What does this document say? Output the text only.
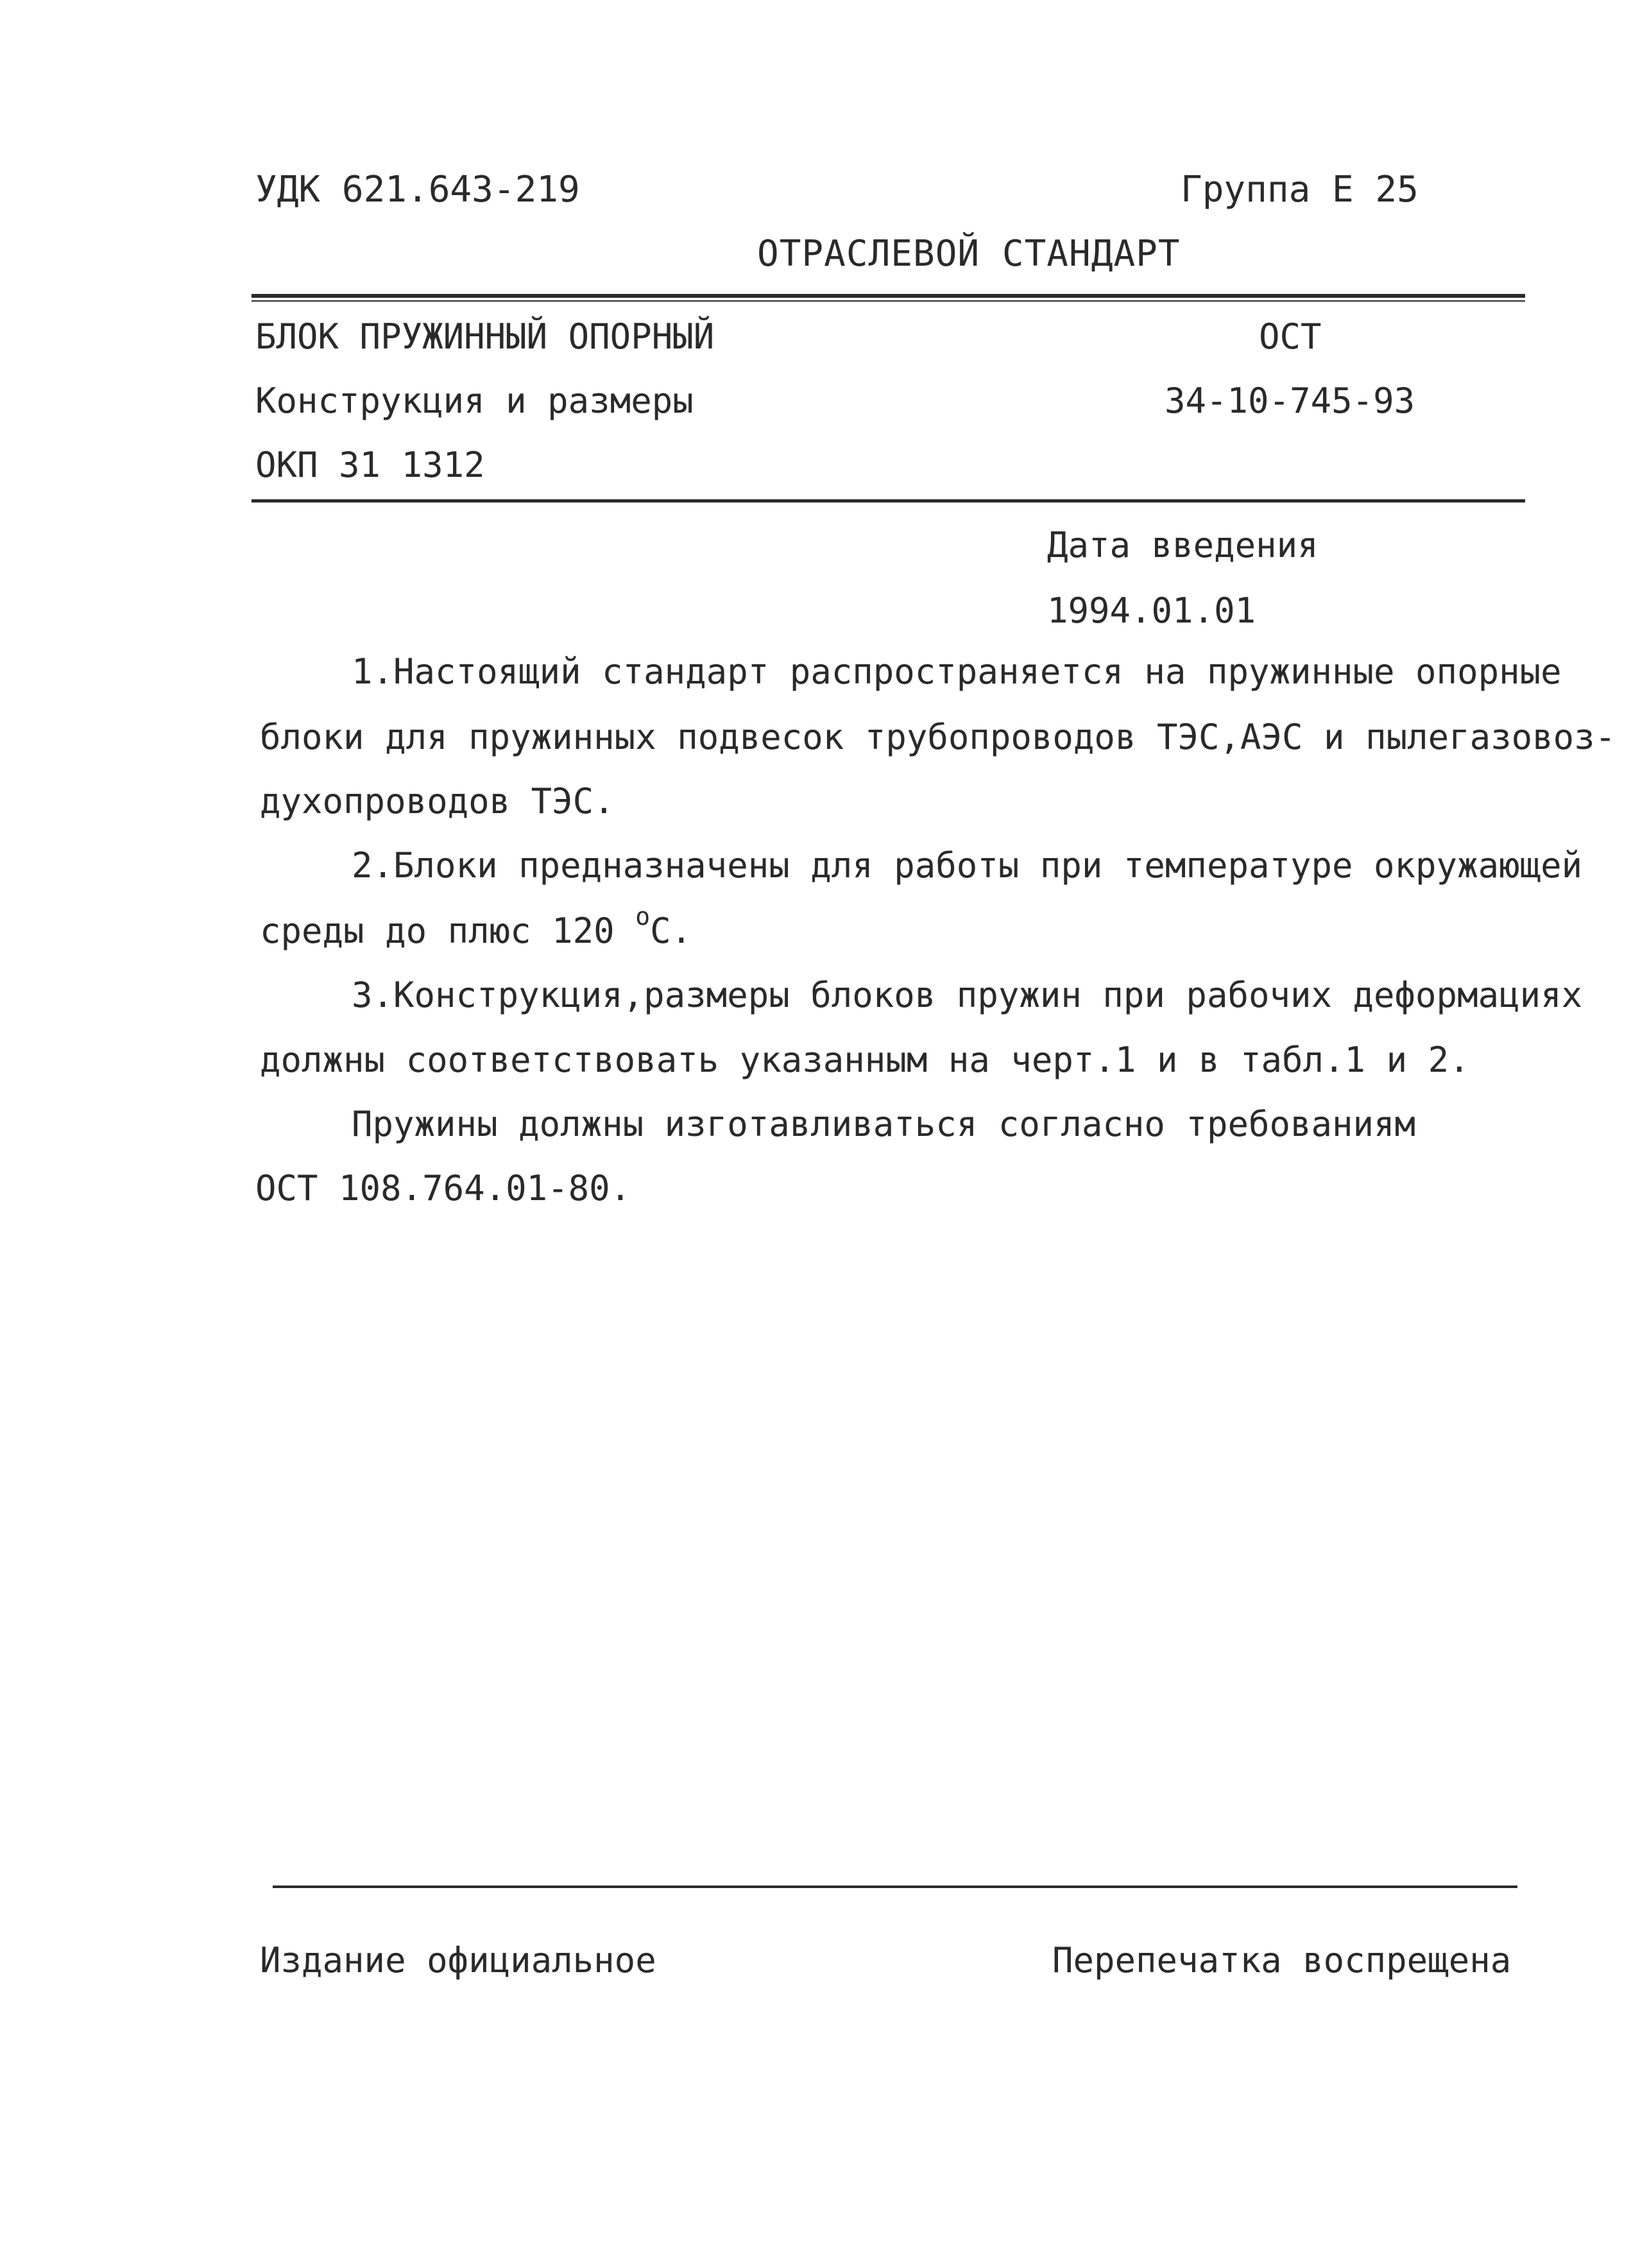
УДК 621.643-219	Группа Е 25
ОТРАСЛЕВОЙ СТАНДАРТ
БЛОК ПРУЖИННЫЙ ОПОРНЫЙ	ОСТ
Конструкция и размеры	34-10-745-93
ОКП 31 1312
Дата введения
1994.01.01
1.Настоящий стандарт распространяется на пружинные опорные
блоки для пружинных подвесок трубопроводов ТЭС,АЭС и пылегазовоз-
духопроводов ТЭС.
2.Блоки предназначены для работы при температуре окружающей
среды до плюс 120 $^o$С.
3.Конструкция,размеры блоков пружин при рабочих деформациях
должны соответствовать указанным на черт.1 и в табл.1 и 2.
Пружины должны изготавливаться согласно требованиям
ОСТ 108.764.01-80.
Издание официальное	Перепечатка воспрещена
